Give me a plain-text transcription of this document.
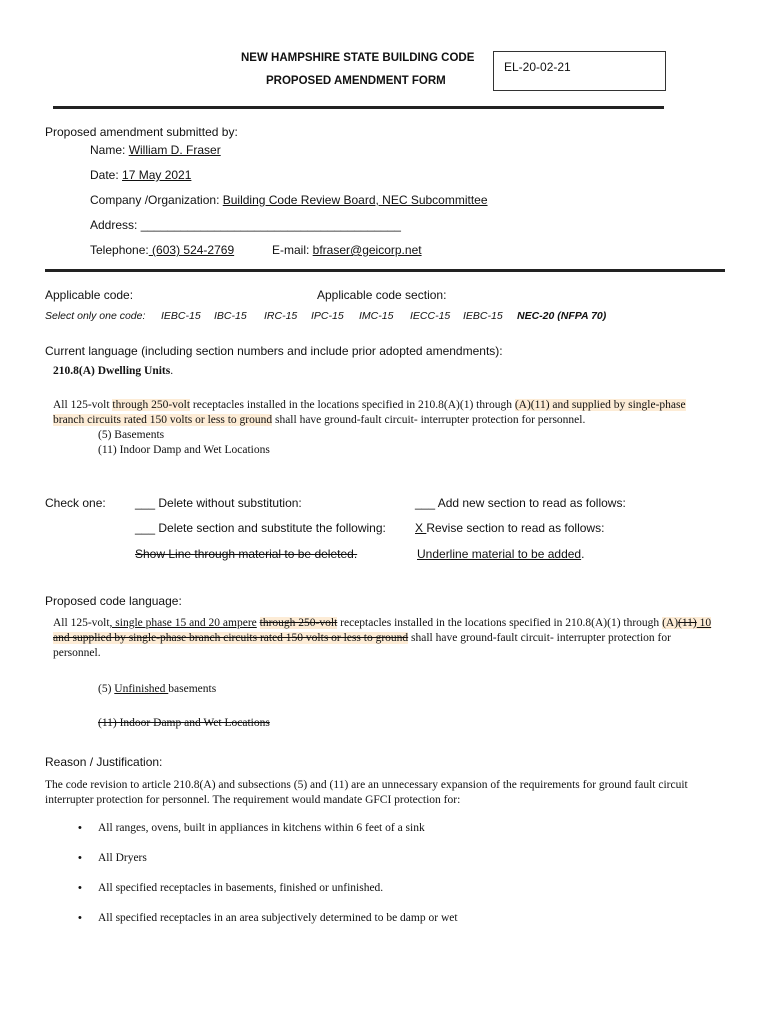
NEW HAMPSHIRE STATE BUILDING CODE
PROPOSED AMENDMENT FORM
EL-20-02-21
Proposed amendment submitted by:
Name: William D. Fraser
Date: 17 May 2021
Company /Organization: Building Code Review Board, NEC Subcommittee
Address: _______________________________________
Telephone: (603) 524-2769	E-mail: bfraser@geicorp.net
Applicable code:	Applicable code section:
Select only one code: IEBC-15 IBC-15 IRC-15 IPC-15 IMC-15 IECC-15 IEBC-15 NEC-20 (NFPA 70)
Current language (including section numbers and include prior adopted amendments):
210.8(A) Dwelling Units.
All 125-volt through 250-volt receptacles installed in the locations specified in 210.8(A)(1) through (A)(11) and supplied by single-phase branch circuits rated 150 volts or less to ground shall have ground-fault circuit- interrupter protection for personnel.
(5) Basements
(11) Indoor Damp and Wet Locations
Check one: ___ Delete without substitution:	___ Add new section to read as follows:
___ Delete section and substitute the following: X Revise section to read as follows:
Show Line through material to be deleted.	Underline material to be added.
Proposed code language:
All 125-volt, single phase 15 and 20 ampere through 250-volt receptacles installed in the locations specified in 210.8(A)(1) through (A)(11) 10 and supplied by single-phase branch circuits rated 150 volts or less to ground shall have ground-fault circuit- interrupter protection for personnel.
(5) Unfinished basements
(11) Indoor Damp and Wet Locations
Reason / Justification:
The code revision to article 210.8(A) and subsections (5) and (11) are an unnecessary expansion of the requirements for ground fault circuit interrupter protection for personnel. The requirement would mandate GFCI protection for:
• All ranges, ovens, built in appliances in kitchens within 6 feet of a sink
• All Dryers
• All specified receptacles in basements, finished or unfinished.
• All specified receptacles in an area subjectively determined to be damp or wet
